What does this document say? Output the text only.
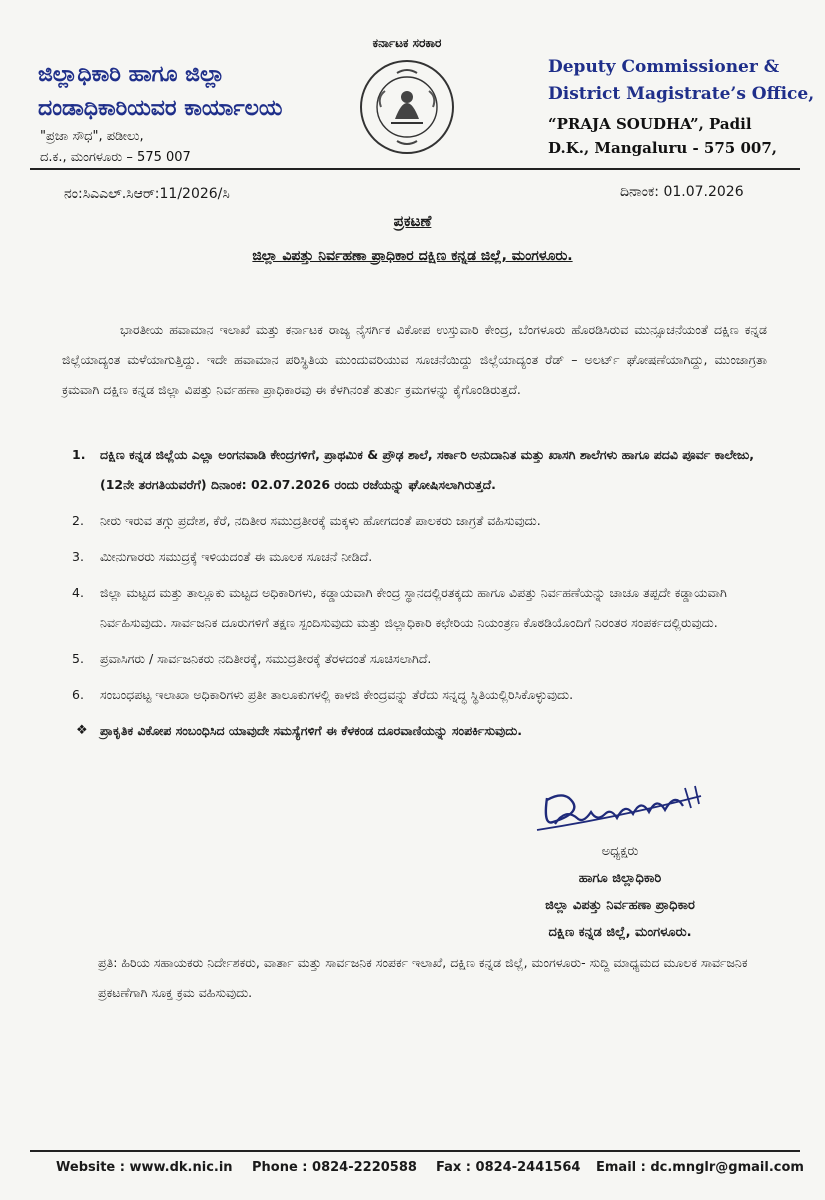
ಜಿಲ್ಲಾಧಿಕಾರಿ ಹಾಗೂ ಜಿಲ್ಲಾ
ದಂಡಾಧಿಕಾರಿಯವರ ಕಾರ್ಯಾಲಯ
"ಪ್ರಜಾ ಸೌಧ", ಪಡೀಲು,
ದ.ಕ., ಮಂಗಳೂರು – 575 007
ಕರ್ನಾಟಕ ಸರಕಾರ
Deputy Commissioner &
District Magistrate’s Office,
“PRAJA SOUDHA”, Padil
D.K., Mangaluru - 575 007,
ನಂ:ಸಿಎಎಲ್.ಸಿಆರ್:11/2026/ಸಿ	ದಿನಾಂಕ: 01.07.2026
ಪ್ರಕಟಣೆ
ಜಿಲ್ಲಾ ವಿಪತ್ತು ನಿರ್ವಹಣಾ ಪ್ರಾಧಿಕಾರ ದಕ್ಷಿಣ ಕನ್ನಡ ಜಿಲ್ಲೆ, ಮಂಗಳೂರು.
ಭಾರತೀಯ ಹವಾಮಾನ ಇಲಾಖೆ ಮತ್ತು ಕರ್ನಾಟಕ ರಾಜ್ಯ ನೈಸರ್ಗಿಕ ವಿಕೋಪ ಉಸ್ತುವಾರಿ ಕೇಂದ್ರ, ಬೆಂಗಳೂರು ಹೊರಡಿಸಿರುವ ಮುನ್ಸೂಚನೆಯಂತೆ ದಕ್ಷಿಣ ಕನ್ನಡ ಜಿಲ್ಲೆಯಾದ್ಯಂತ ಮಳೆಯಾಗುತ್ತಿದ್ದು. ಇದೇ ಹವಾಮಾನ ಪರಿಸ್ಥಿತಿಯ ಮುಂದುವರಿಯುವ ಸೂಚನೆಯಿದ್ದು ಜಿಲ್ಲೆಯಾದ್ಯಂತ ರೆಡ್ – ಅಲರ್ಟ್ ಘೋಷಣೆಯಾಗಿದ್ದು, ಮುಂಜಾಗ್ರತಾ ಕ್ರಮವಾಗಿ ದಕ್ಷಿಣ ಕನ್ನಡ ಜಿಲ್ಲಾ ವಿಪತ್ತು ನಿರ್ವಹಣಾ ಪ್ರಾಧಿಕಾರವು ಈ ಕೆಳಗಿನಂತೆ ತುರ್ತು ಕ್ರಮಗಳನ್ನು ಕೈಗೊಂಡಿರುತ್ತದೆ.
1. ದಕ್ಷಿಣ ಕನ್ನಡ ಜಿಲ್ಲೆಯ ಎಲ್ಲಾ ಅಂಗನವಾಡಿ ಕೇಂದ್ರಗಳಿಗೆ, ಪ್ರಾಥಮಿಕ & ಪ್ರೌಢ ಶಾಲೆ, ಸರ್ಕಾರಿ ಅನುದಾನಿತ ಮತ್ತು ಖಾಸಗಿ ಶಾಲೆಗಳು ಹಾಗೂ ಪದವಿ ಪೂರ್ವ ಕಾಲೇಜು, (12ನೇ ತರಗತಿಯವರೆಗೆ) ದಿನಾಂಕ: 02.07.2026 ರಂದು ರಜೆಯನ್ನು ಘೋಷಿಸಲಾಗಿರುತ್ತದೆ.
2. ನೀರು ಇರುವ ತಗ್ಗು ಪ್ರದೇಶ, ಕೆರೆ, ನದಿತೀರ ಸಮುದ್ರತೀರಕ್ಕೆ ಮಕ್ಕಳು ಹೋಗದಂತೆ ಪಾಲಕರು ಜಾಗ್ರತೆ ವಹಿಸುವುದು.
3. ಮೀನುಗಾರರು ಸಮುದ್ರಕ್ಕೆ ಇಳಿಯದಂತೆ ಈ ಮೂಲಕ ಸೂಚನೆ ನೀಡಿದೆ.
4. ಜಿಲ್ಲಾ ಮಟ್ಟದ ಮತ್ತು ತಾಲ್ಲೂಕು ಮಟ್ಟದ ಅಧಿಕಾರಿಗಳು, ಕಡ್ಡಾಯವಾಗಿ ಕೇಂದ್ರ ಸ್ಥಾನದಲ್ಲಿರತಕ್ಕದು ಹಾಗೂ ವಿಪತ್ತು ನಿರ್ವಹಣೆಯನ್ನು ಚಾಚೂ ತಪ್ಪದೇ ಕಡ್ಡಾಯವಾಗಿ ನಿರ್ವಹಿಸುವುದು. ಸಾರ್ವಜನಿಕ ದೂರುಗಳಿಗೆ ತಕ್ಷಣ ಸ್ಪಂದಿಸುವುದು ಮತ್ತು ಜಿಲ್ಲಾಧಿಕಾರಿ ಕಛೇರಿಯ ನಿಯಂತ್ರಣ ಕೊಠಡಿಯೊಂದಿಗೆ ನಿರಂತರ ಸಂಪರ್ಕದಲ್ಲಿರುವುದು.
5. ಪ್ರವಾಸಿಗರು / ಸಾರ್ವಜನಿಕರು ನದಿತೀರಕ್ಕೆ, ಸಮುದ್ರತೀರಕ್ಕೆ ತೆರಳದಂತೆ ಸೂಚಿಸಲಾಗಿದೆ.
6. ಸಂಬಂಧಪಟ್ಟ ಇಲಾಖಾ ಅಧಿಕಾರಿಗಳು ಪ್ರತೀ ತಾಲೂಕುಗಳಲ್ಲಿ ಕಾಳಜಿ ಕೇಂದ್ರವನ್ನು ತೆರೆದು ಸನ್ನದ್ಧ ಸ್ಥಿತಿಯಲ್ಲಿರಿಸಿಕೊಳ್ಳುವುದು.
❖ ಪ್ರಾಕೃತಿಕ ವಿಕೋಪ ಸಂಬಂಧಿಸಿದ ಯಾವುದೇ ಸಮಸ್ಯೆಗಳಿಗೆ ಈ ಕೆಳಕಂಡ ದೂರವಾಣಿಯನ್ನು ಸಂಪರ್ಕಿಸುವುದು.
ಅಧ್ಯಕ್ಷರು
ಹಾಗೂ ಜಿಲ್ಲಾಧಿಕಾರಿ
ಜಿಲ್ಲಾ ವಿಪತ್ತು ನಿರ್ವಹಣಾ ಪ್ರಾಧಿಕಾರ
ದಕ್ಷಿಣ ಕನ್ನಡ ಜಿಲ್ಲೆ, ಮಂಗಳೂರು.
ಪ್ರತಿ: ಹಿರಿಯ ಸಹಾಯಕರು ನಿರ್ದೇಶಕರು, ವಾರ್ತಾ ಮತ್ತು ಸಾರ್ವಜನಿಕ ಸಂಪರ್ಕ ಇಲಾಖೆ, ದಕ್ಷಿಣ ಕನ್ನಡ ಜಿಲ್ಲೆ, ಮಂಗಳೂರು- ಸುದ್ದಿ ಮಾಧ್ಯಮದ ಮೂಲಕ ಸಾರ್ವಜನಿಕ ಪ್ರಕಟಣೆಗಾಗಿ ಸೂಕ್ತ ಕ್ರಮ ವಹಿಸುವುದು.
Website : www.dk.nic.in Phone : 0824-2220588 Fax : 0824-2441564 Email : dc.mnglr@gmail.com
